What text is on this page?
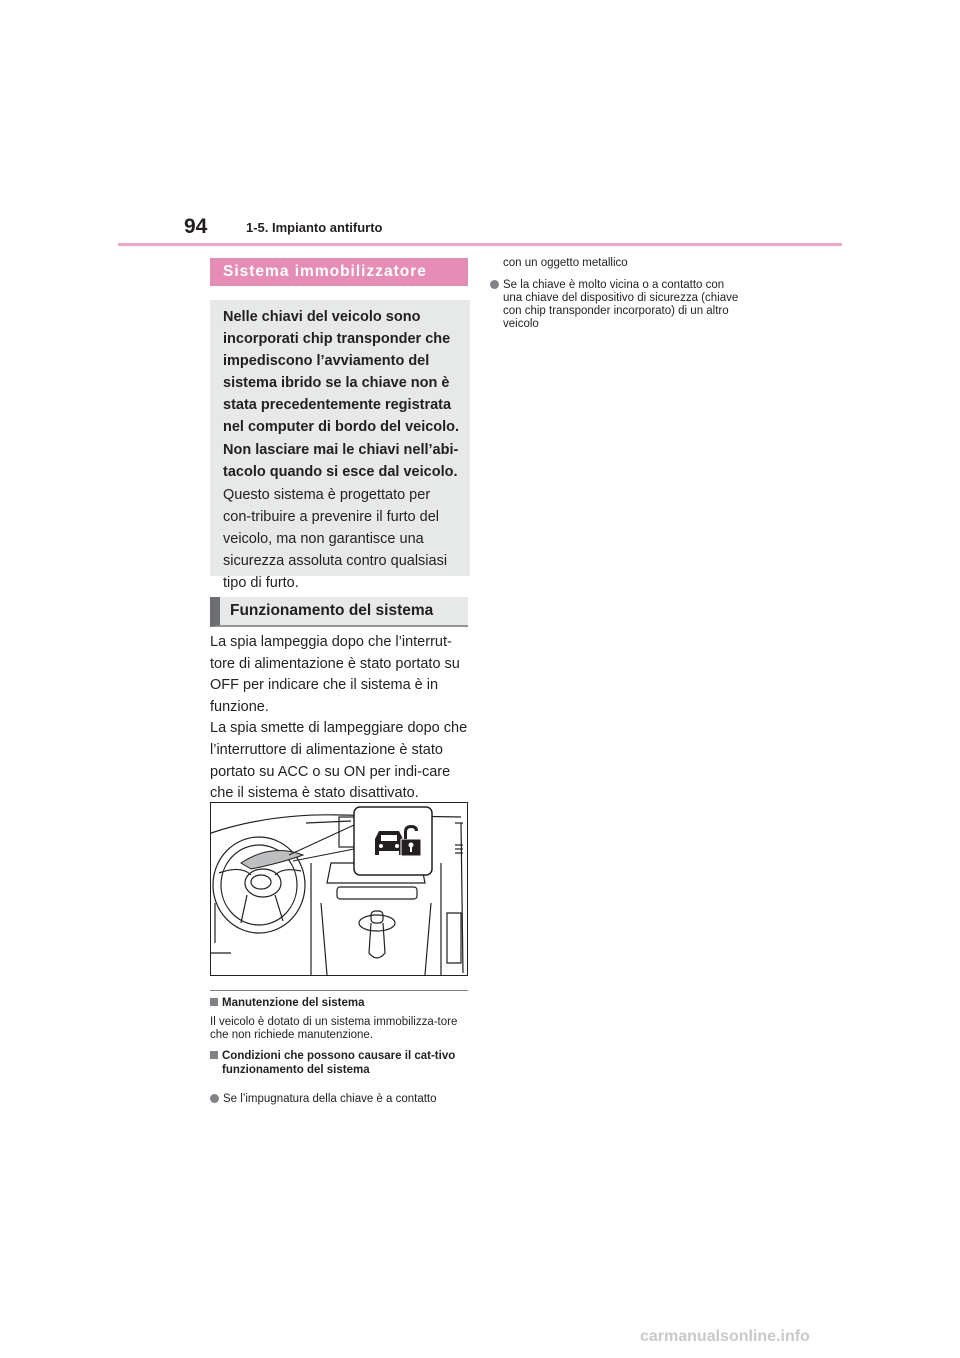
94	1-5. Impianto antifurto
Sistema immobilizzatore

Nelle chiavi del veicolo sono incorporati chip transponder che impediscono l’avviamento del sistema ibrido se la chiave non è stata precedentemente registrata nel computer di bordo del veicolo.

Non lasciare mai le chiavi nell’abi-tacolo quando si esce dal veicolo.

Questo sistema è progettato per con-tribuire a prevenire il furto del veicolo, ma non garantisce una sicurezza assoluta contro qualsiasi tipo di furto.

Funzionamento del sistema

La spia lampeggia dopo che l’interrut-tore di alimentazione è stato portato su OFF per indicare che il sistema è in funzione.

La spia smette di lampeggiare dopo che l’interruttore di alimentazione è stato portato su ACC o su ON per indi-care che il sistema è stato disattivato.

Manutenzione del sistema
Il veicolo è dotato di un sistema immobilizza-tore che non richiede manutenzione.
Condizioni che possono causare il cat-tivo funzionamento del sistema
Se l’impugnatura della chiave è a contatto
con un oggetto metallico
Se la chiave è molto vicina o a contatto con una chiave del dispositivo di sicurezza (chiave con chip transponder incorporato) di un altro veicolo
carmanualsonline.info
